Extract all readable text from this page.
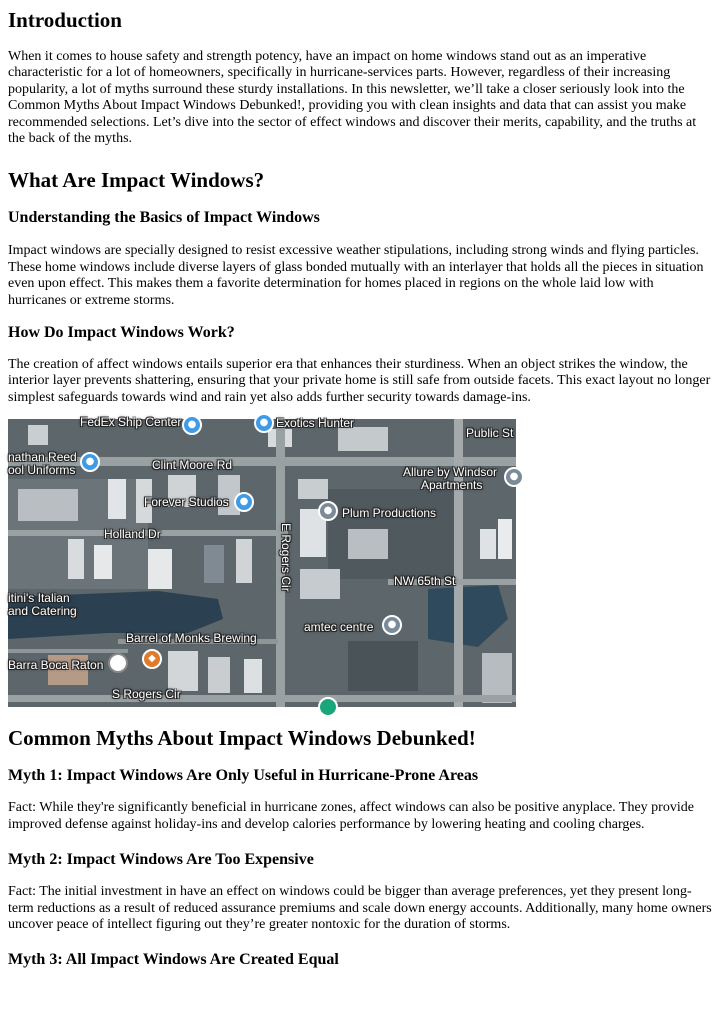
Introduction

When it comes to house safety and strength potency, have an impact on home windows stand out as an imperative characteristic for a lot of homeowners, specifically in hurricane-services parts. However, regardless of their increasing popularity, a lot of myths surround these sturdy installations. In this newsletter, we’ll take a closer seriously look into the Common Myths About Impact Windows Debunked!, providing you with clean insights and data that can assist you make recommended selections. Let’s dive into the sector of effect windows and discover their merits, capability, and the truths at the back of the myths.

What Are Impact Windows?
Understanding the Basics of Impact Windows

Impact windows are specially designed to resist excessive weather stipulations, including strong winds and flying particles. These home windows include diverse layers of glass bonded mutually with an interlayer that holds all the pieces in situation even upon effect. This makes them a favorite determination for homes placed in regions on the whole laid low with hurricanes or extreme storms.

How Do Impact Windows Work?

The creation of affect windows entails superior era that enhances their sturdiness. When an object strikes the window, the interior layer prevents shattering, ensuring that your private home is still safe from outside facets. This exact layout no longer simplest safeguards towards wind and rain yet also adds further security towards damage-ins.

FedEx Ship Center	Exotics Hunter
Public St
nathan Reed
ool Uniforms	Clint Moore Rd	Allure by Windsor
Apartments
Forever Studios
Plum Productions
Holland Dr	E Rogers Cir	NW 65th St
itini's Italian
and Catering
amtec centre
Barrel of Monks Brewing
Barra Boca Raton
S Rogers Cir
●	●
●
●
●
●
●
◆
Common Myths About Impact Windows Debunked!
Myth 1: Impact Windows Are Only Useful in Hurricane-Prone Areas

Fact: While they're significantly beneficial in hurricane zones, affect windows can also be positive anyplace. They provide improved defense against holiday-ins and develop calories performance by lowering heating and cooling charges.

Myth 2: Impact Windows Are Too Expensive

Fact: The initial investment in have an effect on windows could be bigger than average preferences, yet they present long-term reductions as a result of reduced assurance premiums and scale down energy accounts. Additionally, many home owners uncover peace of intellect figuring out they’re greater nontoxic for the duration of storms.

Myth 3: All Impact Windows Are Created Equal
